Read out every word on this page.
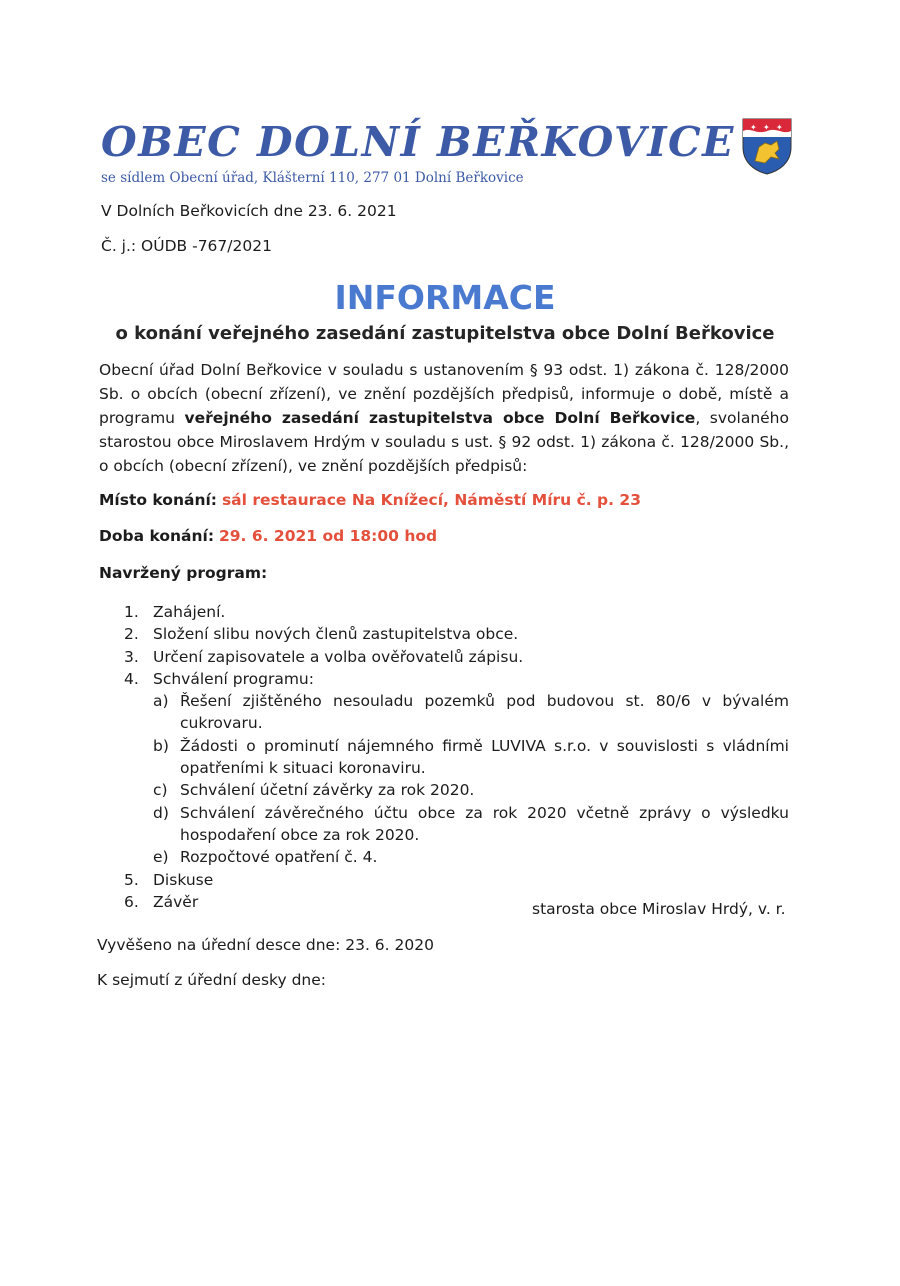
OBEC DOLNÍ BEŘKOVICE
se sídlem Obecní úřad, Klášterní 110, 277 01 Dolní Beřkovice
✦ ✦ ✦
V Dolních Beřkovicích dne 23. 6. 2021
Č. j.: OÚDB -767/2021
INFORMACE
o konání veřejného zasedání zastupitelstva obce Dolní Beřkovice
Obecní úřad Dolní Beřkovice v souladu s ustanovením § 93 odst. 1) zákona č. 128/2000 Sb. o obcích (obecní zřízení), ve znění pozdějších předpisů, informuje o době, místě a programu veřejného zasedání zastupitelstva obce Dolní Beřkovice, svolaného starostou obce Miroslavem Hrdým v souladu s ust. § 92 odst. 1) zákona č. 128/2000 Sb., o obcích (obecní zřízení), ve znění pozdějších předpisů:
Místo konání: sál restaurace Na Knížecí, Náměstí Míru č. p. 23
Doba konání: 29. 6. 2021 od 18:00 hod
Navržený program:
1. Zahájení.
2. Složení slibu nových členů zastupitelstva obce.
3. Určení zapisovatele a volba ověřovatelů zápisu.
4. Schválení programu:
a) Řešení zjištěného nesouladu pozemků pod budovou st. 80/6 v bývalém cukrovaru.
b) Žádosti o prominutí nájemného firmě LUVIVA s.r.o. v souvislosti s vládními opatřeními k situaci koronaviru.
c) Schválení účetní závěrky za rok 2020.
d) Schválení závěrečného účtu obce za rok 2020 včetně zprávy o výsledku hospodaření obce za rok 2020.
e) Rozpočtové opatření č. 4.
5. Diskuse
6. Závěr	starosta obce Miroslav Hrdý, v. r.
Vyvěšeno na úřední desce dne: 23. 6. 2020
K sejmutí z úřední desky dne:
